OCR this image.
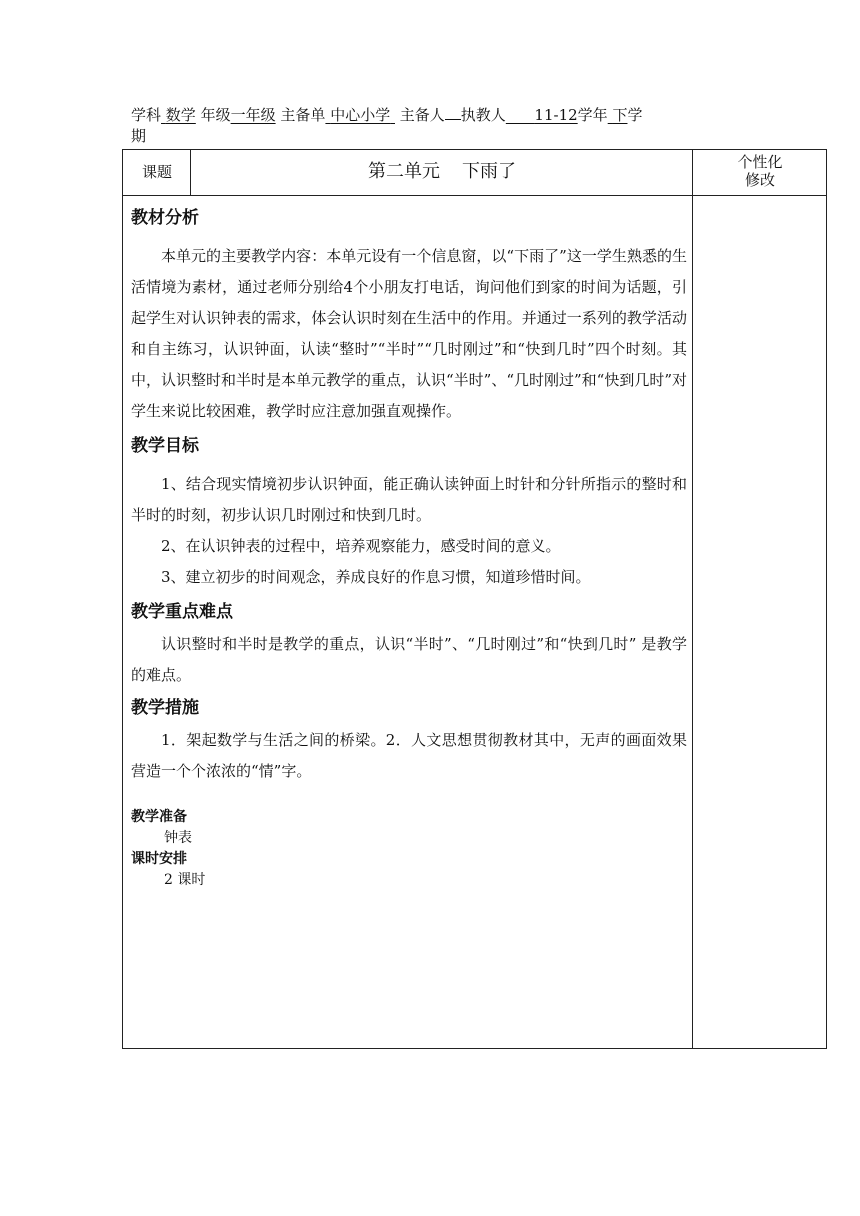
学科 数学 年级一年级 主备单 中心小学 主备人 执教人 11-12学年 下学
期
课题	第二单元 下雨了	个性化
修改

教材分析

本单元的主要教学内容：本单元设有一个信息窗，以“下雨了”这一学生熟悉的生活情境为素材，通过老师分别给4个小朋友打电话，询问他们到家的时间为话题，引起学生对认识钟表的需求，体会认识时刻在生活中的作用。并通过一系列的教学活动和自主练习，认识钟面，认读“整时”“半时”“几时刚过”和“快到几时”四个时刻。其中，认识整时和半时是本单元教学的重点，认识“半时”、“几时刚过”和“快到几时”对学生来说比较困难，教学时应注意加强直观操作。

教学目标

1、结合现实情境初步认识钟面，能正确认读钟面上时针和分针所指示的整时和半时的时刻，初步认识几时刚过和快到几时。

2、在认识钟表的过程中，培养观察能力，感受时间的意义。

3、建立初步的时间观念，养成良好的作息习惯，知道珍惜时间。

教学重点难点

认识整时和半时是教学的重点，认识“半时”、“几时刚过”和“快到几时” 是教学的难点。

教学措施

1．架起数学与生活之间的桥梁。2．人文思想贯彻教材其中，无声的画面效果营造一个个浓浓的“情”字。

教学准备

钟表

课时安排

2 课时
